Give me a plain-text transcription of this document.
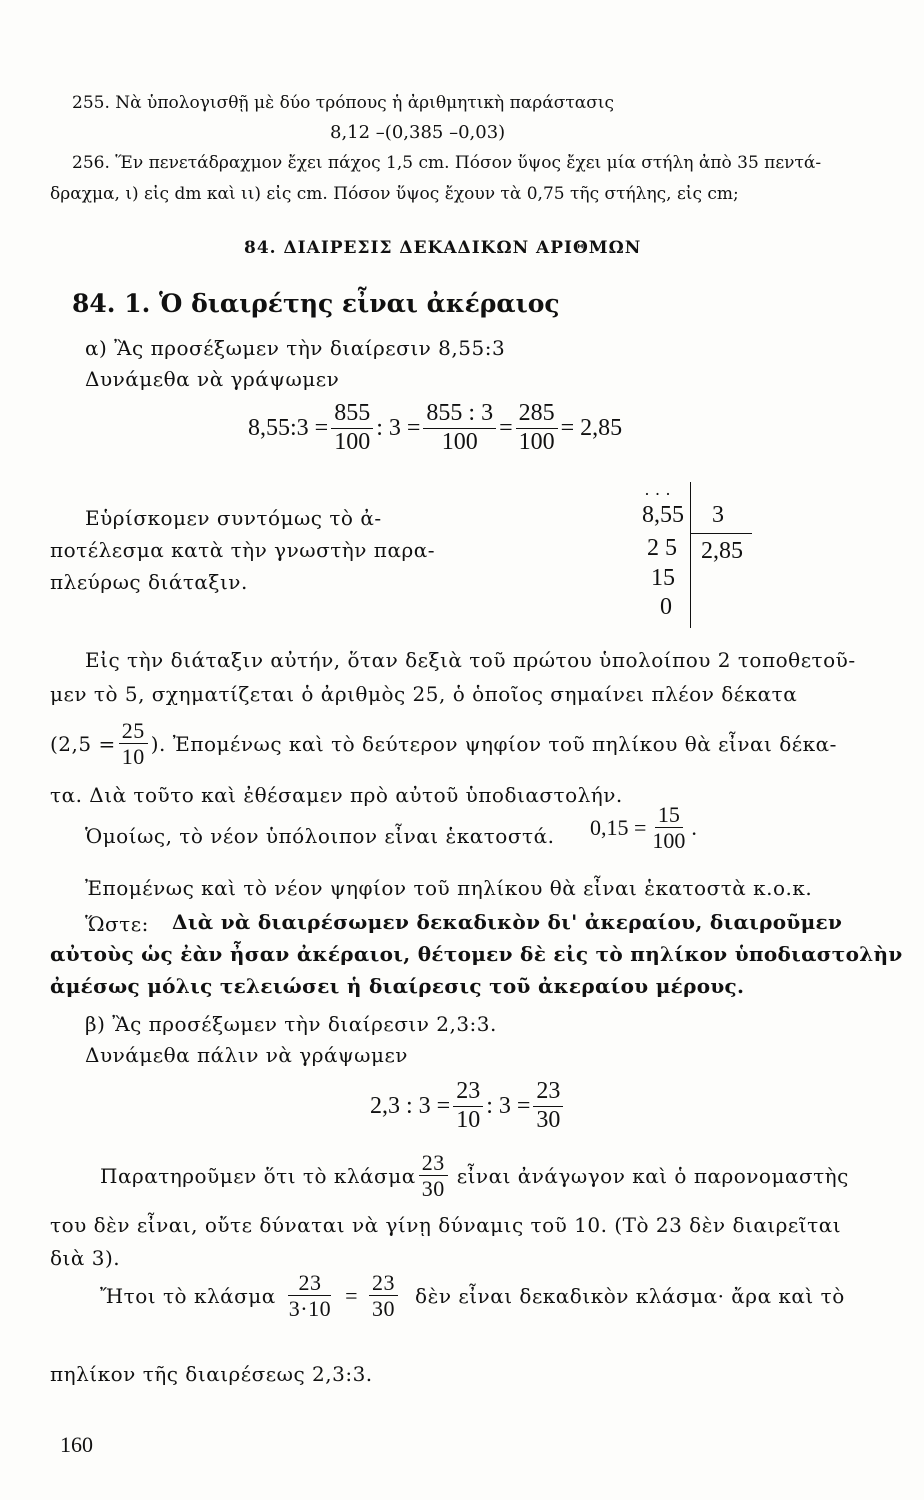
255. Νὰ ὑπολογισθῇ μὲ δύο τρόπους ἡ ἀριθμητικὴ παράστασις
8,12 –(0,385 –0,03)
256. Ἕν πενετάδραχμον ἔχει πάχος 1,5 cm. Πόσον ὕψος ἔχει μία στήλη ἀπὸ 35 πεντά-
δραχμα, ι) εἰς dm καὶ ιι) εἰς cm. Πόσον ὕψος ἔχουν τὰ 0,75 τῆς στήλης, εἰς cm;
84. ΔΙΑΙΡΕΣΙΣ ΔΕΚΑΔΙΚΩΝ ΑΡΙΘΜΩΝ
84. 1. Ὁ διαιρέτης εἶναι ἀκέραιος
α) Ἂς προσέξωμεν τὴν διαίρεσιν 8,55:3
Δυνάμεθα νὰ γράψωμεν
8,55:3 = $\frac{855}{100}$ : $3 = \frac{855 : 3}{100} = \frac{285}{100} = 2,85$
Εὑρίσκομεν συντόμως τὸ ἀ-
ποτέλεσμα κατὰ τὴν γνωστὴν παρα-
πλεύρως διάταξιν.
· · ·
8,55 3
2 5 2,85
15
0
Εἰς τὴν διάταξιν αὐτήν, ὅταν δεξιὰ τοῦ πρώτου ὑπολοίπου 2 τοποθετοῦ-
μεν τὸ 5, σχηματίζεται ὁ ἀριθμὸς 25, ὁ ὁποῖος σημαίνει πλέον δέκατα
($2,5 = \frac{25}{10}$ ). Ἐπομένως καὶ τὸ δεύτερον ψηφίον τοῦ πηλίκου θὰ εἶναι δέκα-
τα. Διὰ τοῦτο καὶ ἐθέσαμεν πρὸ αὐτοῦ ὑποδιαστολήν.
Ὁμοίως, τὸ νέον ὑπόλοιπον εἶναι ἑκατοστά. $0,15 = \frac{15}{100}$ .
Ἐπομένως καὶ τὸ νέον ψηφίον τοῦ πηλίκου θὰ εἶναι ἑκατοστὰ κ.ο.κ.
Ὥστε: Διὰ νὰ διαιρέσωμεν δεκαδικὸν δι' ἀκεραίου, διαιροῦμεν
αὐτοὺς ὡς ἐὰν ἦσαν ἀκέραιοι, θέτομεν δὲ εἰς τὸ πηλίκον ὑποδιαστολὴν
ἀμέσως μόλις τελειώσει ἡ διαίρεσις τοῦ ἀκεραίου μέρους.
β) Ἂς προσέξωμεν τὴν διαίρεσιν 2,3:3.
Δυνάμεθα πάλιν νὰ γράψωμεν
2,3 : $3 = \frac{23}{10}$ : $3 = \frac{23}{30}$
Παρατηροῦμεν ὅτι τὸ κλάσμα $\frac{23}{30}$ εἶναι ἀνάγωγον καὶ ὁ παρονομαστὴς
του δὲν εἶναι, οὔτε δύναται νὰ γίνῃ δύναμις τοῦ 10. (Τὸ 23 δὲν διαιρεῖται
διὰ 3).
Ἤτοι τὸ κλάσμα $\frac{23}{3\cdot 10} = \frac{23}{30}$ δὲν εἶναι δεκαδικὸν κλάσμα· ἄρα καὶ τὸ
πηλίκον τῆς διαιρέσεως 2,3:3.
160
